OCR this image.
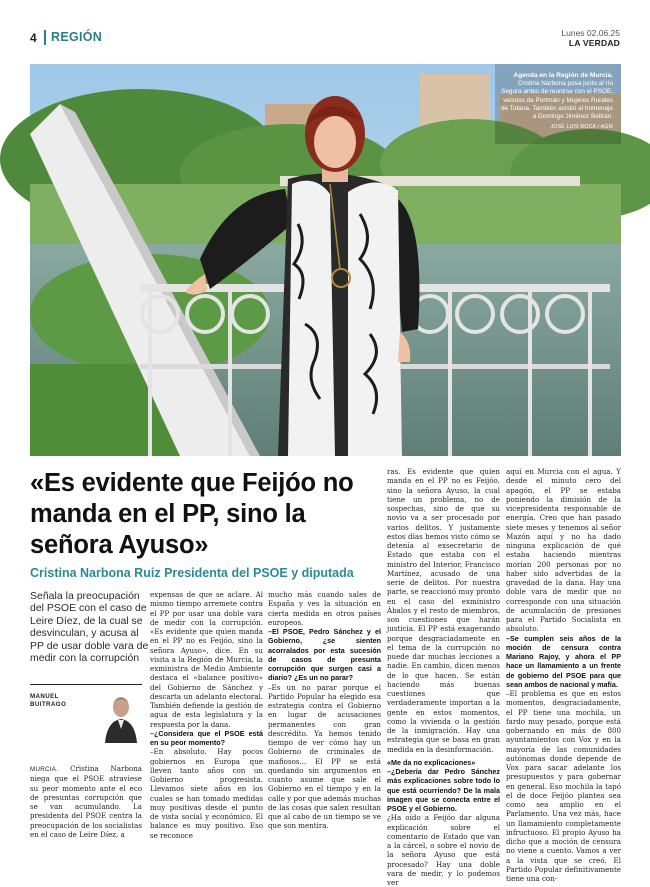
4 REGIÓN	Lunes 02.06.25
LA VERDAD
Agenda en la Región de Murcia.
Cristina Narbona posa junto al río Segura antes de reunirse con el PSOE, vecinos de Portmán y Mujeres Rurales de Totana. También asistió al homenaje a Domingo Jiménez Beltrán.
JOSÉ LUIS ROCA / AGM
«Es evidente que Feijóo no manda en el PP, sino la señora Ayuso»
Cristina Narbona Ruiz Presidenta del PSOE y diputada

Señala la preocupación del PSOE con el caso de Leire Díez, de la cual se desvinculan, y acusa al PP de usar doble vara de medir con la corrupción

MANUEL
BUITRAGO

MURCIA. Cristina Narbona niega que el PSOE atraviese su peor momento ante el eco de presuntas corrupción que se van acumulando. La presidenta del PSOE centra la preocupación de los socialistas en el caso de Leire Díez, a

expensas de que se aclare. Al mismo tiempo arremete contra el PP por usar una doble vara de medir con la corrupción. «Es evidente que quien manda en el PP no es Feijóo, sino la señora Ayuso», dice. En su visita a la Región de Murcia, la exministra de Medio Ambiente destaca el «balance positivo» del Gobierno de Sánchez y descarta un adelanto electoral. También defiende la gestión de agua de esta legislatura y la respuesta por la dana.

–¿Considera que el PSOE está en su peor momento?

–En absoluto. Hay pocos gobiernos en Europa que lleven tanto años con un Gobierno progresista. Llevamos siete años en los cuales se han tomado medidas muy positivas desde el punto de vista social y económico. El balance es muy positivo. Eso se reconoce

mucho más cuando sales de España y ves la situación en cierta medida en otros países europeos.

–El PSOE, Pedro Sánchez y el Gobierno, ¿se sienten acorralados por esta sucesión de casos de presunta corrupción que surgen casi a diario? ¿Es un no parar?

–Es un no parar porque el Partido Popular ha elegido esa estrategia contra el Gobierno en lugar de acusaciones permanentes con gran descrédito. Ya hemos tenido tiempo de ver cómo hay un Gobierno de criminales de mafiosos... El PP se está quedando sin argumentos en cuanto asume que sale el Gobierno en el tiempo y en la calle y por que además muchas de las cosas que salen resultan que al cabo de un tiempo se ve que son mentira.

ras. Es evidente que quien manda en el PP no es Feijóo, sino la señora Ayuso, la cual tiene un problema, no de sospechas, sino de que su novio va a ser procesado por varios delitos. Y justamente estos días hemos visto cómo se detenía al exsecretario de Estado que estaba con el ministro del Interior, Francisco Martínez, acusado de una serie de delitos. Por nuestra parte, se reaccionó muy pronto en el caso del exministro Ábalos y el resto de miembros, son cuestiones que harán justicia. El PP está exagerando porque desgraciadamente en el tema de la corrupción no puede dar muchas lecciones a nadie. En cambio, dicen menos de lo que hacen. Se están haciendo más buenas cuestiones que verdaderamente importan a la gente en estos momentos, como la vivienda o la gestión de la inmigración. Hay una estrategia que se basa en gran medida en la desinformación.

«Me da no explicaciones»

–¿Debería dar Pedro Sánchez más explicaciones sobre todo lo que está ocurriendo? De la mala imagen que se conecta entre el PSOE y el Gobierno.

¿Ha oído a Feijóo dar alguna explicación sobre el comentario de Estado que van a la cárcel, o sobre el novio de la señora Ayuso que está procesado? Hay una doble vara de medir, y lo podemos ver

aquí en Murcia con el agua. Y desde el minuto cero del apagón, el PP se estaba poniendo la dimisión de la vicepresidenta responsable de energía. Creo que han pasado siete meses y tenemos al señor Mazón aquí y no ha dado ninguna explicación de qué estaba haciendo mientras morían 200 personas por no haber sido advertidas de la gravedad de la dana. Hay una doble vara de medir que no corresponde con una situación de acumulación de presiones para el Partido Socialista en absoluto.

–Se cumplen seis años de la moción de censura contra Mariano Rajoy, y ahora el PP hace un llamamiento a un frente de gobierno del PSOE para que sean ambos de nacional y mafia.

–El problema es que en estos momentos, desgraciadamente, el PP tiene una mochila, un fardo muy pesado, porque está gobernando en más de 800 ayuntamientos con Vox y en la mayoría de las comunidades autónomas donde depende de Vox para sacar adelante los presupuestos y para gobernar en general. Eso mochila la tapó el de doce Feijóo plantea sea como sea amplio en el Parlamento. Una vez más, hace un llamamiento completamente infructuoso. El propio Ayuso ha dicho que a moción de censura no viene a cuento. Vamos a ver a la vista que se creó. El Partido Popular definitivamente tiene una con-
